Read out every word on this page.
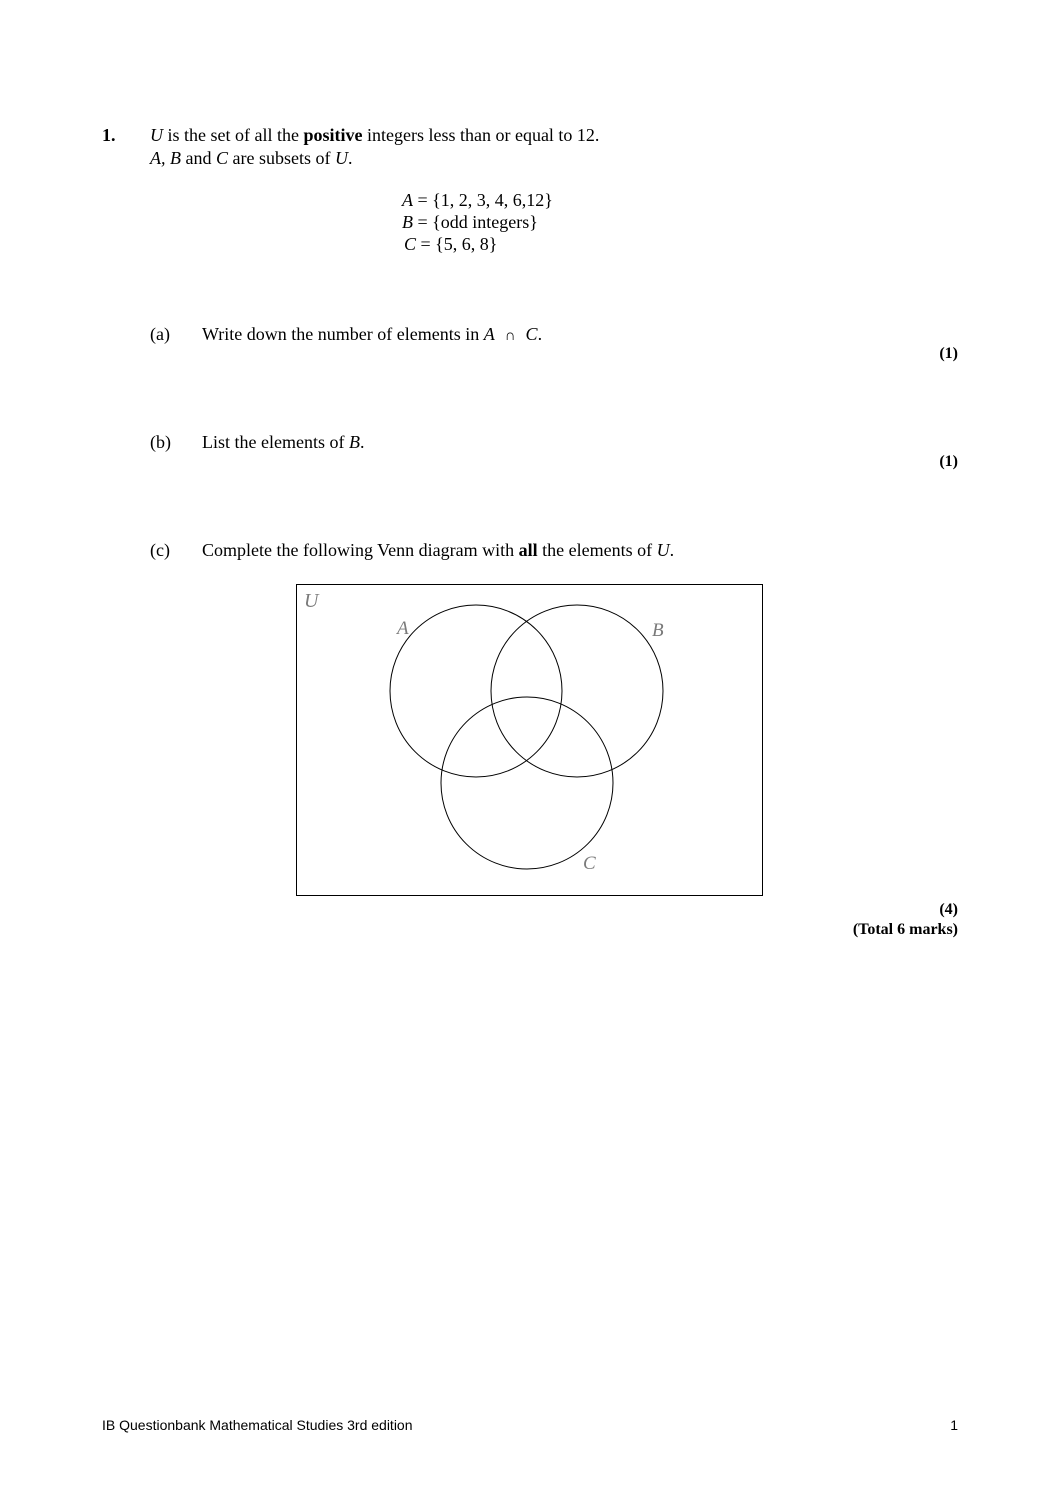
1. U is the set of all the positive integers less than or equal to 12.
A, B and C are subsets of U.
A = {1, 2, 3, 4, 6,12}
B = {odd integers}
C = {5, 6, 8}
(a) Write down the number of elements in A ∩ C.
(1)
(b) List the elements of B.
(1)
(c) Complete the following Venn diagram with all the elements of U.
U
A	B
C
(4)
(Total 6 marks)
IB Questionbank Mathematical Studies 3rd edition	1
